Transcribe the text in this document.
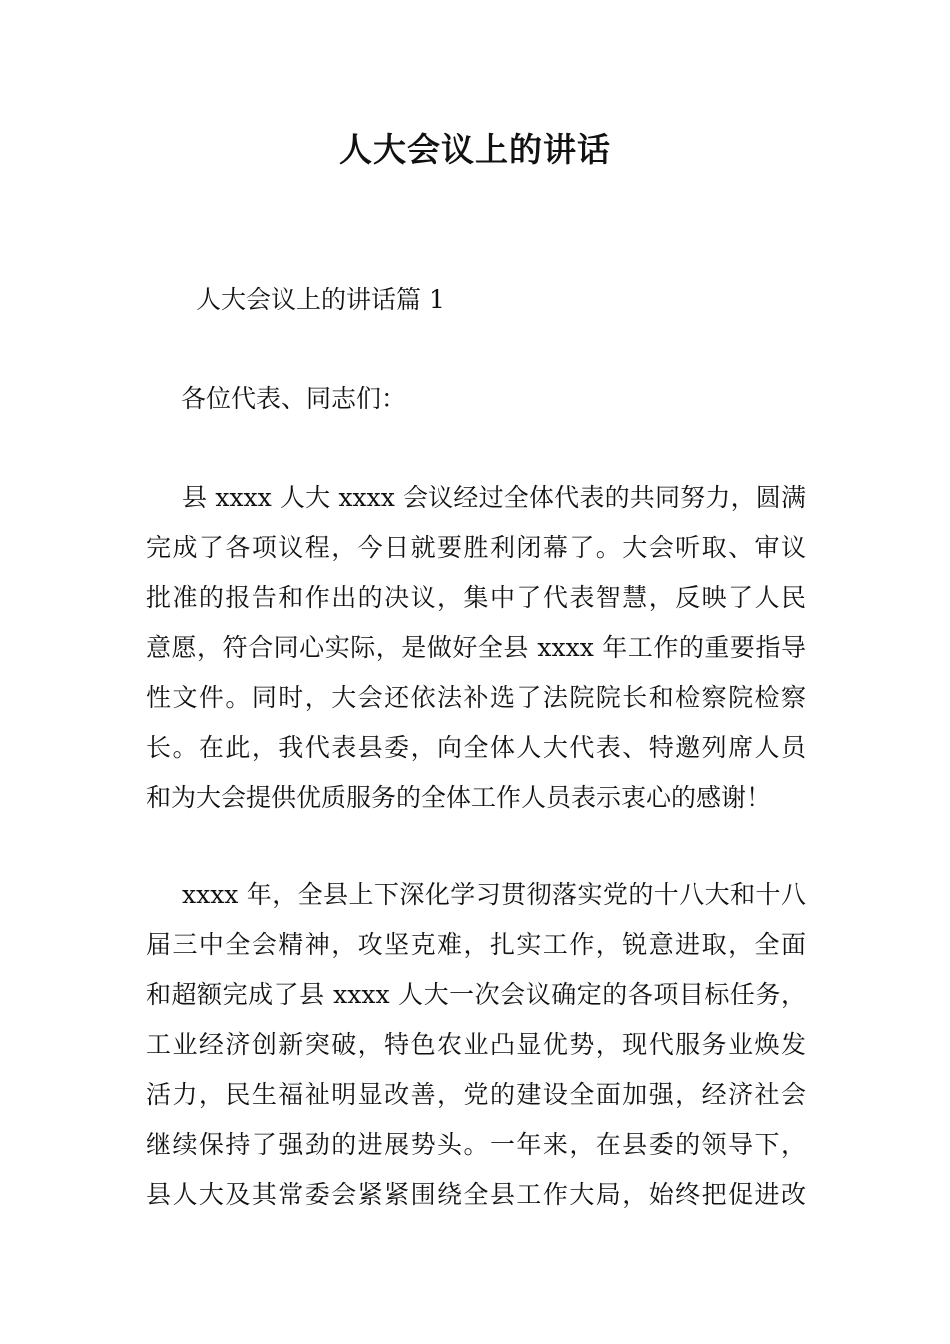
人大会议上的讲话

人大会议上的讲话篇 1

各位代表、同志们：

县 xxxx 人大 xxxx 会议经过全体代表的共同努力，圆满
完成了各项议程，今日就要胜利闭幕了。大会听取、审议
批准的报告和作出的决议，集中了代表智慧，反映了人民
意愿，符合同心实际，是做好全县 xxxx 年工作的重要指导
性文件。同时，大会还依法补选了法院院长和检察院检察
长。在此，我代表县委，向全体人大代表、特邀列席人员
和为大会提供优质服务的全体工作人员表示衷心的感谢！
xxxx 年，全县上下深化学习贯彻落实党的十八大和十八
届三中全会精神，攻坚克难，扎实工作，锐意进取，全面
和超额完成了县 xxxx 人大一次会议确定的各项目标任务，
工业经济创新突破，特色农业凸显优势，现代服务业焕发
活力，民生福祉明显改善，党的建设全面加强，经济社会
继续保持了强劲的进展势头。一年来，在县委的领导下，
县人大及其常委会紧紧围绕全县工作大局，始终把促进改
